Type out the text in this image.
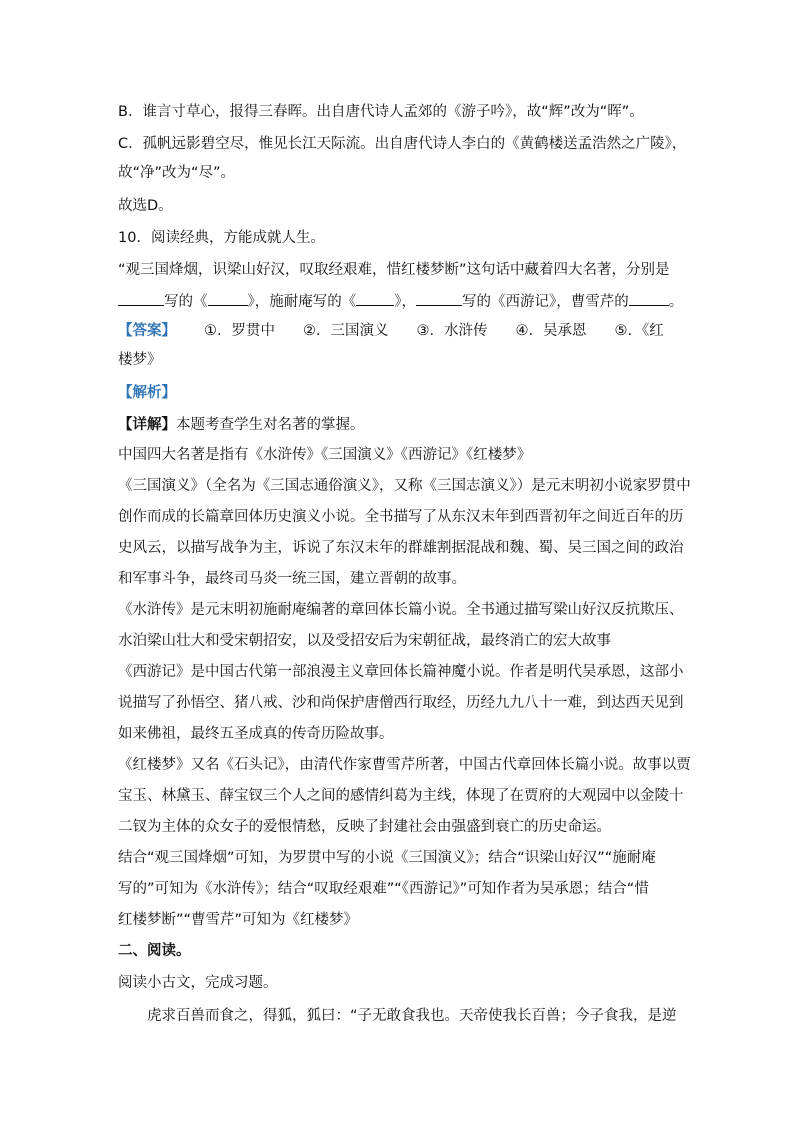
B．谁言寸草心，报得三春晖。出自唐代诗人孟郊的《游子吟》，故“辉”改为“晖”。
C．孤帆远影碧空尽，惟见长江天际流。出自唐代诗人李白的《黄鹤楼送孟浩然之广陵》，
故“净”改为“尽”。
故选D。
10．阅读经典，方能成就人生。
“观三国烽烟，识梁山好汉，叹取经艰难，惜红楼梦断”这句话中藏着四大名著，分别是
写的《	》，施耐庵写的《	》，	写的《西游记》，曹雪芹的	。
【答案】 ①．罗贯中 ②．三国演义 ③．水浒传 ④．吴承恩 ⑤．《红
楼梦》
【解析】
【详解】本题考查学生对名著的掌握。
中国四大名著是指有《水浒传》《三国演义》《西游记》《红楼梦》
《三国演义》（全名为《三国志通俗演义》，又称《三国志演义》）是元末明初小说家罗贯中
创作而成的长篇章回体历史演义小说。全书描写了从东汉末年到西晋初年之间近百年的历
史风云，以描写战争为主，诉说了东汉末年的群雄割据混战和魏、蜀、吴三国之间的政治
和军事斗争，最终司马炎一统三国，建立晋朝的故事。
《水浒传》是元末明初施耐庵编著的章回体长篇小说。全书通过描写梁山好汉反抗欺压、
水泊梁山壮大和受宋朝招安，以及受招安后为宋朝征战，最终消亡的宏大故事
《西游记》是中国古代第一部浪漫主义章回体长篇神魔小说。作者是明代吴承恩，这部小
说描写了孙悟空、猪八戒、沙和尚保护唐僧西行取经，历经九九八十一难，到达西天见到
如来佛祖，最终五圣成真的传奇历险故事。
《红楼梦》又名《石头记》，由清代作家曹雪芹所著，中国古代章回体长篇小说。故事以贾
宝玉、林黛玉、薛宝钗三个人之间的感情纠葛为主线，体现了在贾府的大观园中以金陵十
二钗为主体的众女子的爱恨情愁，反映了封建社会由强盛到衰亡的历史命运。
结合“观三国烽烟”可知，为罗贯中写的小说《三国演义》；结合“识梁山好汉”“施耐庵
写的”可知为《水浒传》；结合“叹取经艰难”“《西游记》”可知作者为吴承恩；结合“惜
红楼梦断”“曹雪芹”可知为《红楼梦》
二、阅读。
阅读小古文，完成习题。
虎求百兽而食之，得狐，狐曰：“子无敢食我也。天帝使我长百兽；今子食我，是逆
